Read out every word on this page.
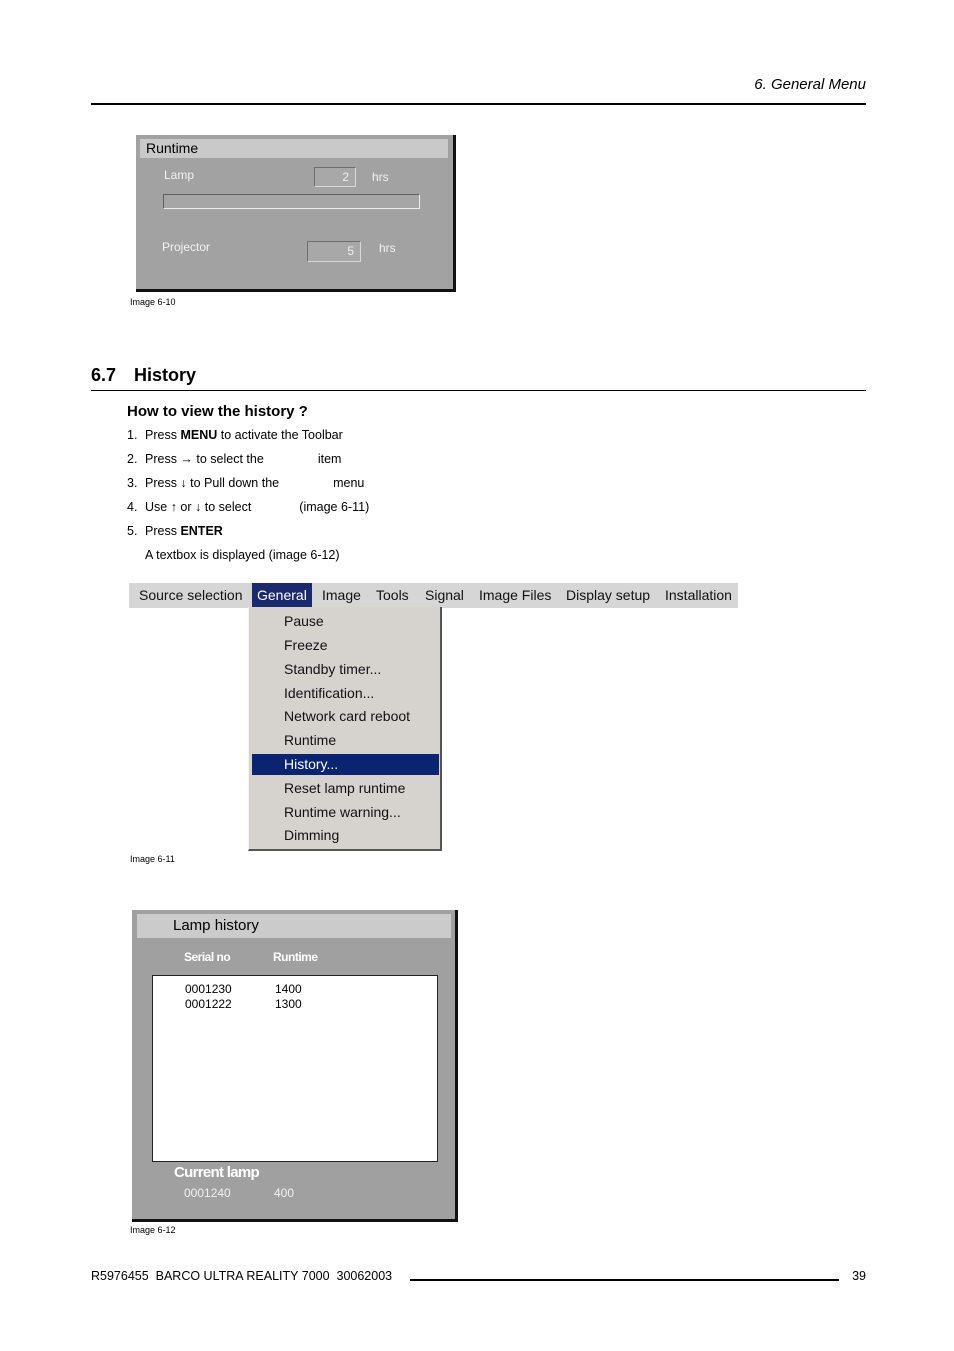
6. General Menu
Runtime
Lamp	2	hrs
Projector	5	hrs
Image 6-10
6.7 History
How to view the history ?
1. Press MENU to activate the Toolbar
2. Press → to select the	item
3. Press ↓ to Pull down the	menu
4. Use ↑ or ↓ to select	(image 6-11)
5. Press ENTER
A textbox is displayed (image 6-12)
Source selection	General	Image Tools Signal Image Files Display setup Installation
Pause
Freeze
Standby timer...
Identification...
Network card reboot
Runtime
History...
Reset lamp runtime
Runtime warning...
Dimming
Image 6-11
Lamp history
Serial no	Runtime
0001230	1400
0001222	1300
Current lamp
0001240	400
Image 6-12
R5976455  BARCO ULTRA REALITY 7000  30062003	39
